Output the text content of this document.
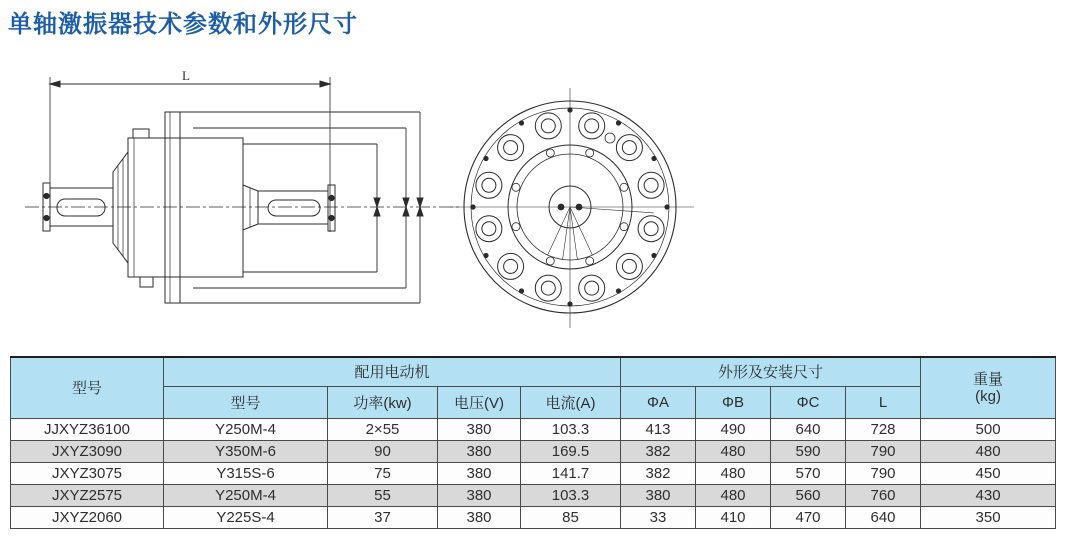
单轴激振器技术参数和外形尺寸
L
型号	配用电动机				外形及安装尺寸				重量
(kg)
	型号	功率(kw)	电压(V)	电流(A)	ΦA	ΦB	ΦC	L	
JJXYZ36100	Y250M-4	2×55	380	103.3	413	490	640	728	500
JXYZ3090	Y350M-6	90	380	169.5	382	480	590	790	480
JXYZ3075	Y315S-6	75	380	141.7	382	480	570	790	450
JXYZ2575	Y250M-4	55	380	103.3	380	480	560	760	430
JXYZ2060	Y225S-4	37	380	85	33	410	470	640	350
